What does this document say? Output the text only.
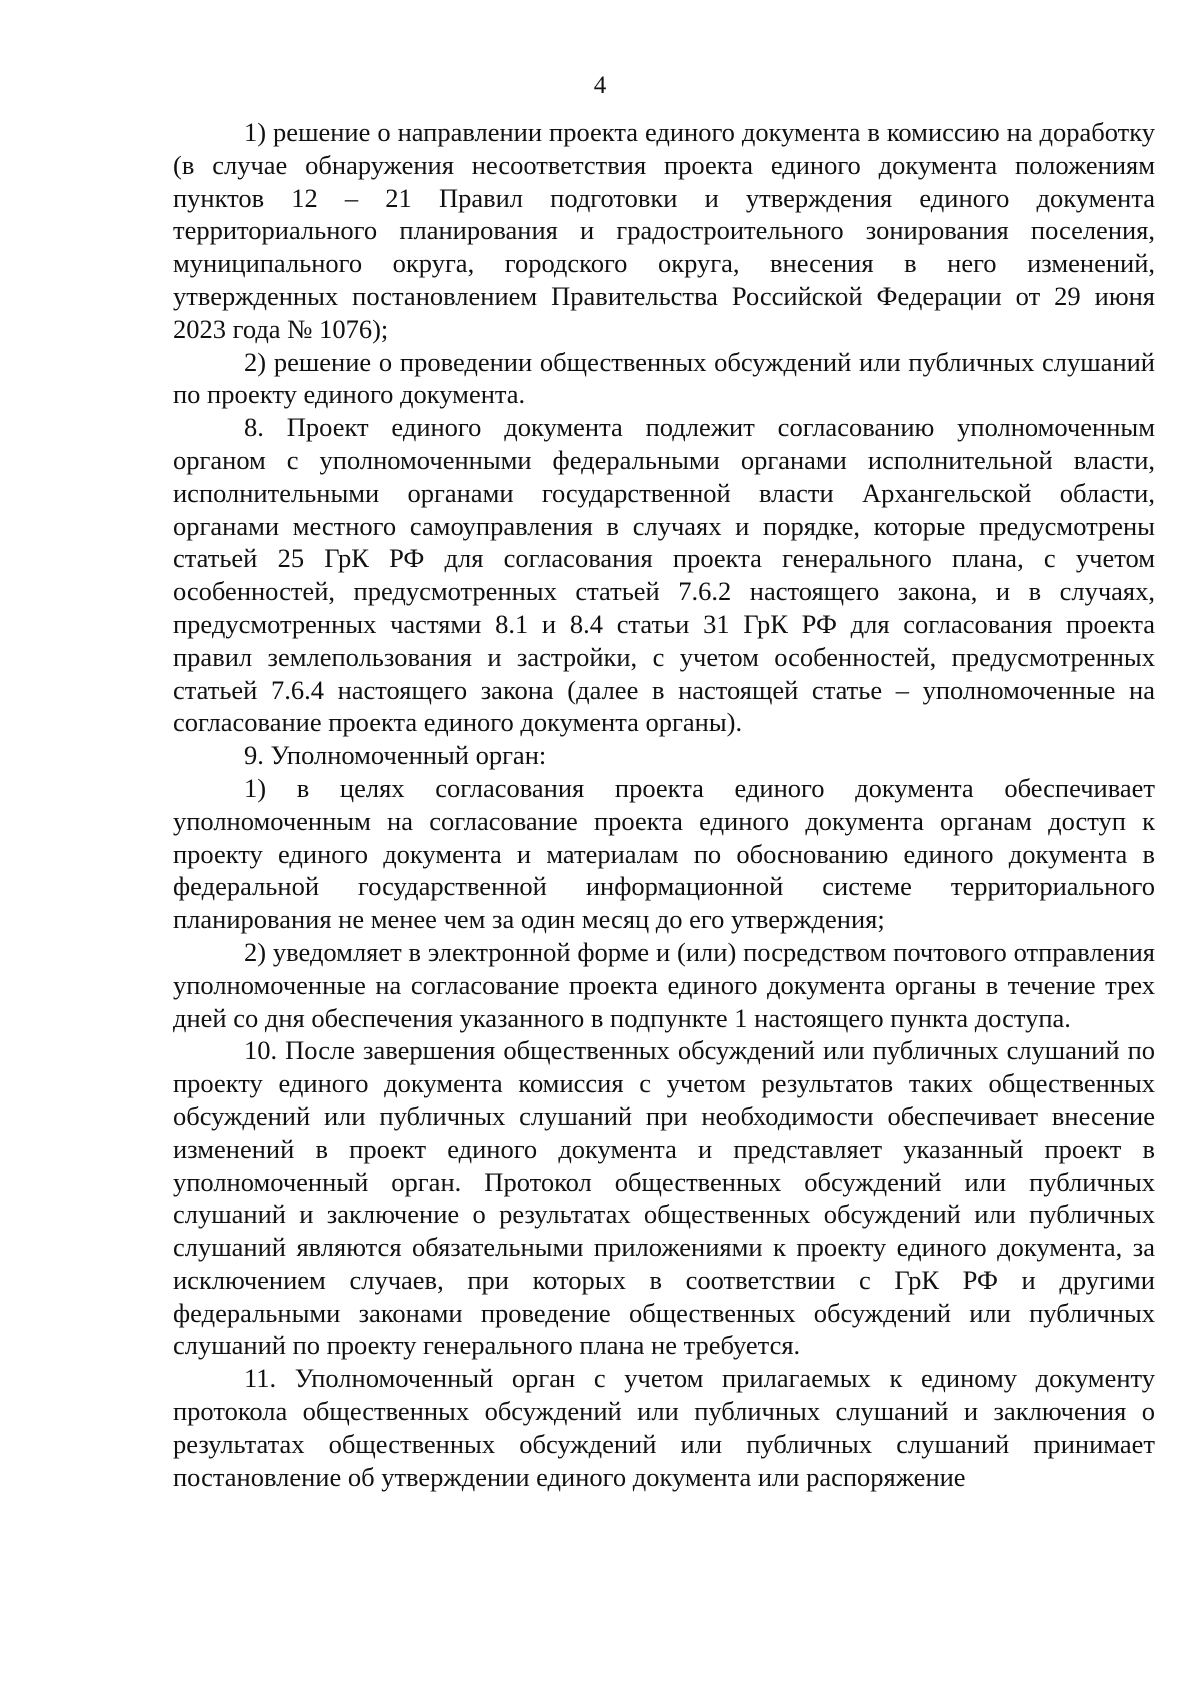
4

1) решение о направлении проекта единого документа в комиссию на доработку (в случае обнаружения несоответствия проекта единого документа положениям пунктов 12 – 21 Правил подготовки и утверждения единого документа территориального планирования и градостроительного зонирования поселения, муниципального округа, городского округа, внесения в него изменений, утвержденных постановлением Правительства Российской Федерации от 29 июня 2023 года № 1076);

2) решение о проведении общественных обсуждений или публичных слушаний по проекту единого документа.

8. Проект единого документа подлежит согласованию уполномоченным органом с уполномоченными федеральными органами исполнительной власти, исполнительными органами государственной власти Архангельской области, органами местного самоуправления в случаях и порядке, которые предусмотрены статьей 25 ГрК РФ для согласования проекта генерального плана, с учетом особенностей, предусмотренных статьей 7.6.2 настоящего закона, и в случаях, предусмотренных частями 8.1 и 8.4 статьи 31 ГрК РФ для согласования проекта правил землепользования и застройки, с учетом особенностей, предусмотренных статьей 7.6.4 настоящего закона (далее в настоящей статье – уполномоченные на согласование проекта единого документа органы).

9. Уполномоченный орган:

1) в целях согласования проекта единого документа обеспечивает уполномоченным на согласование проекта единого документа органам доступ к проекту единого документа и материалам по обоснованию единого документа в федеральной государственной информационной системе территориального планирования не менее чем за один месяц до его утверждения;

2) уведомляет в электронной форме и (или) посредством почтового отправления уполномоченные на согласование проекта единого документа органы в течение трех дней со дня обеспечения указанного в подпункте 1 настоящего пункта доступа.

10. После завершения общественных обсуждений или публичных слушаний по проекту единого документа комиссия с учетом результатов таких общественных обсуждений или публичных слушаний при необходимости обеспечивает внесение изменений в проект единого документа и представляет указанный проект в уполномоченный орган. Протокол общественных обсуждений или публичных слушаний и заключение о результатах общественных обсуждений или публичных слушаний являются обязательными приложениями к проекту единого документа, за исключением случаев, при которых в соответствии с ГрК РФ и другими федеральными законами проведение общественных обсуждений или публичных слушаний по проекту генерального плана не требуется.

11. Уполномоченный орган с учетом прилагаемых к единому документу протокола общественных обсуждений или публичных слушаний и заключения о результатах общественных обсуждений или публичных слушаний принимает постановление об утверждении единого документа или распоряжение
